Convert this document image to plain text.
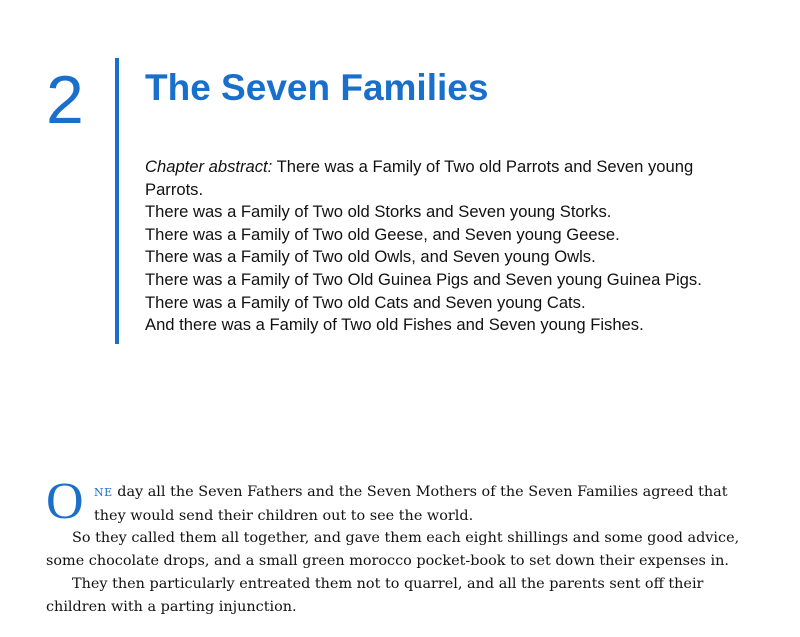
2 The Seven Families
Chapter abstract: There was a Family of Two old Parrots and Seven young
Parrots.
There was a Family of Two old Storks and Seven young Storks.
There was a Family of Two old Geese, and Seven young Geese.
There was a Family of Two old Owls, and Seven young Owls.
There was a Family of Two Old Guinea Pigs and Seven young Guinea Pigs.
There was a Family of Two old Cats and Seven young Cats.
And there was a Family of Two old Fishes and Seven young Fishes.
O NE day all the Seven Fathers and the Seven Mothers of the Seven Families agreed that
they would send their children out to see the world.
So they called them all together, and gave them each eight shillings and some good advice,
some chocolate drops, and a small green morocco pocket-book to set down their expenses in.
They then particularly entreated them not to quarrel, and all the parents sent off their
children with a parting injunction.
